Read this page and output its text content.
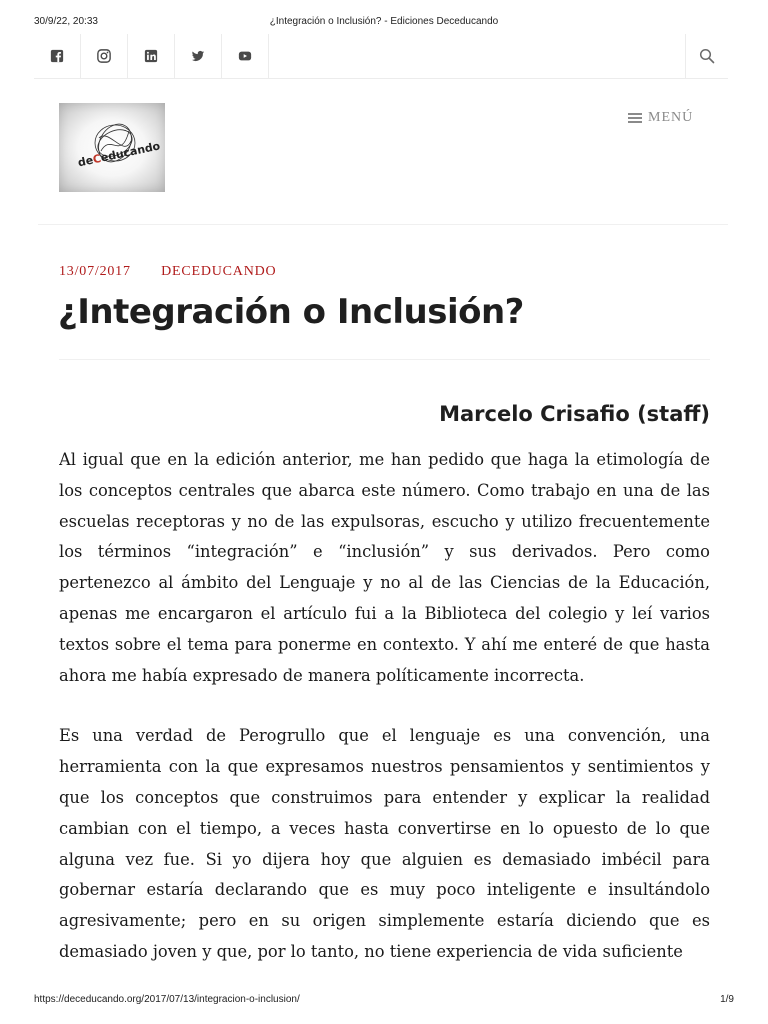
30/9/22, 20:33	¿Integración o Inclusión? - Ediciones Deceducando
deCeducando
MENÚ
13/07/2017 DECEDUCANDO
¿Integración o Inclusión?
Marcelo Crisafio (staff)

Al igual que en la edición anterior, me han pedido que haga la etimología de los conceptos centrales que abarca este número. Como trabajo en una de las escuelas receptoras y no de las expulsoras, escucho y utilizo frecuentemente los términos “integración” e “inclusión” y sus derivados. Pero como pertenezco al ámbito del Lenguaje y no al de las Ciencias de la Educación, apenas me encargaron el artículo fui a la Biblioteca del colegio y leí varios textos sobre el tema para ponerme en contexto. Y ahí me enteré de que hasta ahora me había expresado de manera políticamente incorrecta.

Es una verdad de Perogrullo que el lenguaje es una convención, una herramienta con la que expresamos nuestros pensamientos y sentimientos y que los conceptos que construimos para entender y explicar la realidad cambian con el tiempo, a veces hasta convertirse en lo opuesto de lo que alguna vez fue. Si yo dijera hoy que alguien es demasiado imbécil para gobernar estaría declarando que es muy poco inteligente e insultándolo agresivamente; pero en su origen simplemente estaría diciendo que es demasiado joven y que, por lo tanto, no tiene experiencia de vida suficiente

https://deceducando.org/2017/07/13/integracion-o-inclusion/	1/9
